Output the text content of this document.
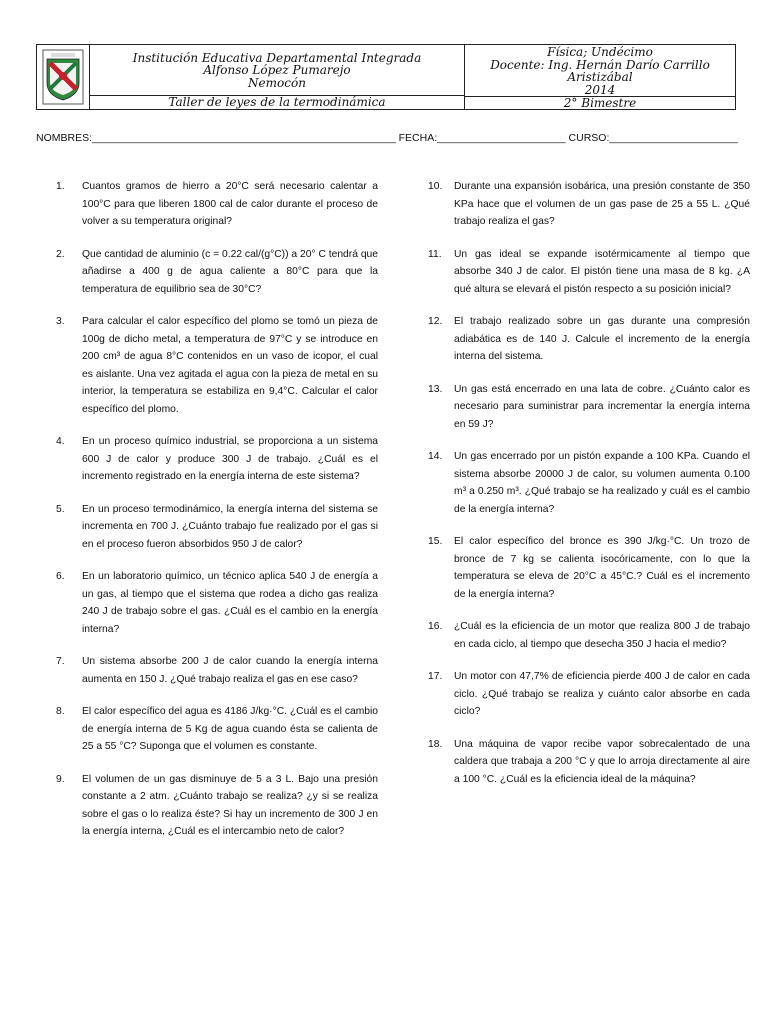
Institución Educativa Departamental Integrada
Alfonso López Pumarejo
Nemocón
Taller de leyes de la termodinámica
Física; Undécimo
Docente: Ing. Hernán Darío Carrillo Aristizábal
2014
2° Bimestre
NOMBRES:____________________________________________________ FECHA:______________________ CURSO:______________________
1. Cuantos gramos de hierro a 20°C será necesario calentar a 100°C para que liberen 1800 cal de calor durante el proceso de volver a su temperatura original?
2. Que cantidad de aluminio (c = 0.22 cal/(g°C)) a 20° C tendrá que añadirse a 400 g de agua caliente a 80°C para que la temperatura de equilibrio sea de 30°C?
3. Para calcular el calor específico del plomo se tomó un pieza de 100g de dicho metal, a temperatura de 97°C y se introduce en 200 cm³ de agua 8°C contenidos en un vaso de icopor, el cual es aislante. Una vez agitada el agua con la pieza de metal en su interior, la temperatura se estabiliza en 9,4°C. Calcular el calor específico del plomo.
4. En un proceso químico industrial, se proporciona a un sistema 600 J de calor y produce 300 J de trabajo. ¿Cuál es el incremento registrado en la energía interna de este sistema?
5. En un proceso termodinámico, la energía interna del sistema se incrementa en 700 J. ¿Cuánto trabajo fue realizado por el gas si en el proceso fueron absorbidos 950 J de calor?
6. En un laboratorio químico, un técnico aplica 540 J de energía a un gas, al tiempo que el sistema que rodea a dicho gas realiza 240 J de trabajo sobre el gas. ¿Cuál es el cambio en la energía interna?
7. Un sistema absorbe 200 J de calor cuando la energía interna aumenta en 150 J. ¿Qué trabajo realiza el gas en ese caso?
8. El calor específico del agua es 4186 J/kg·°C. ¿Cuál es el cambio de energía interna de 5 Kg de agua cuando ésta se calienta de 25 a 55 °C? Suponga que el volumen es constante.
9. El volumen de un gas disminuye de 5 a 3 L. Bajo una presión constante a 2 atm. ¿Cuánto trabajo se realiza? ¿y si se realiza sobre el gas o lo realiza éste? Si hay un incremento de 300 J en la energía interna, ¿Cuál es el intercambio neto de calor?
10. Durante una expansión isobárica, una presión constante de 350 KPa hace que el volumen de un gas pase de 25 a 55 L. ¿Qué trabajo realiza el gas?
11. Un gas ideal se expande isotérmicamente al tiempo que absorbe 340 J de calor. El pistón tiene una masa de 8 kg. ¿A qué altura se elevará el pistón respecto a su posición inicial?
12. El trabajo realizado sobre un gas durante una compresión adiabática es de 140 J. Calcule el incremento de la energía interna del sistema.
13. Un gas está encerrado en una lata de cobre. ¿Cuánto calor es necesario para suministrar para incrementar la energía interna en 59 J?
14. Un gas encerrado por un pistón expande a 100 KPa. Cuando el sistema absorbe 20000 J de calor, su volumen aumenta 0.100 m³ a 0.250 m³. ¿Qué trabajo se ha realizado y cuál es el cambio de la energía interna?
15. El calor específico del bronce es 390 J/kg·°C. Un trozo de bronce de 7 kg se calienta isocóricamente, con lo que la temperatura se eleva de 20°C a 45°C.? Cuál es el incremento de la energía interna?
16. ¿Cuál es la eficiencia de un motor que realiza 800 J de trabajo en cada ciclo, al tiempo que desecha 350 J hacia el medio?
17. Un motor con 47,7% de eficiencia pierde 400 J de calor en cada ciclo. ¿Qué trabajo se realiza y cuánto calor absorbe en cada ciclo?
18. Una máquina de vapor recibe vapor sobrecalentado de una caldera que trabaja a 200 °C y que lo arroja directamente al aire a 100 °C. ¿Cuál es la eficiencia ideal de la máquina?
